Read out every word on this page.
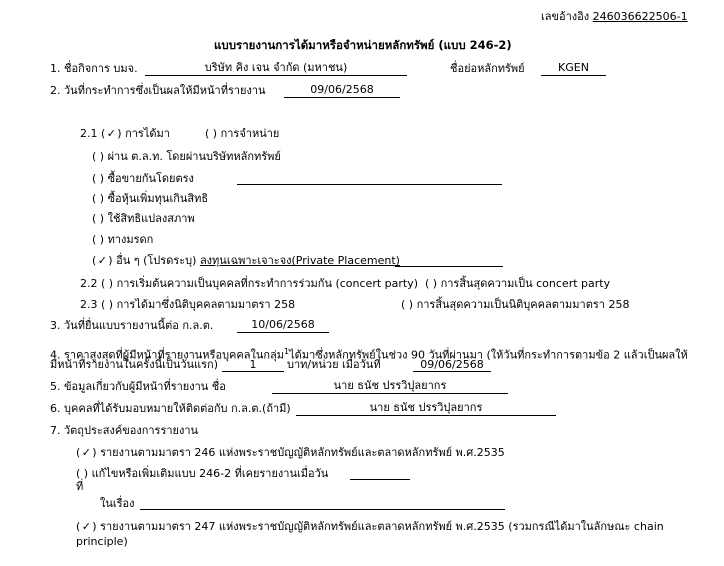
เลขอ้างอิง 246036622506-1
แบบรายงานการได้มาหรือจำหน่ายหลักทรัพย์ (แบบ 246-2)
1. ชื่อกิจการ บมจ.	บริษัท คิง เจน จำกัด (มหาชน)	ชื่อย่อหลักทรัพย์	KGEN
2. วันที่กระทำการซึ่งเป็นผลให้มีหน้าที่รายงาน	09/06/2568
2.1 (✓) การได้มา	( ) การจำหน่าย
( ) ผ่าน ต.ล.ท. โดยผ่านบริษัทหลักทรัพย์
( ) ซื้อขายกันโดยตรง
( ) ซื้อหุ้นเพิ่มทุนเกินสิทธิ
( ) ใช้สิทธิแปลงสภาพ
( ) ทางมรดก
(✓) อื่น ๆ (โปรดระบุ) ลงทุนเฉพาะเจาะจง(Private Placement)
2.2 ( ) การเริ่มต้นความเป็นบุคคลที่กระทำการร่วมกัน (concert party) ( ) การสิ้นสุดความเป็น concert party
2.3 ( ) การได้มาซึ่งนิติบุคคลตามมาตรา 258	( ) การสิ้นสุดความเป็นนิติบุคคลตามมาตรา 258
3. วันที่ยื่นแบบรายงานนี้ต่อ ก.ล.ต.	10/06/2568
4. ราคาสูงสุดที่ผู้มีหน้าที่รายงานหรือบุคคลในกลุ่ม$^1$ได้มาซึ่งหลักทรัพย์ในช่วง 90 วันที่ผ่านมา (ให้วันที่กระทำการตามข้อ 2 แล้วเป็นผลให้
มีหน้าที่รายงานในครั้งนี้เป็นวันแรก)	1	บาท/หน่วย เมื่อวันที่	09/06/2568
5. ข้อมูลเกี่ยวกับผู้มีหน้าที่รายงาน ชื่อ	นาย ธนัช ปรรวิปุลยากร
6. บุคคลที่ได้รับมอบหมายให้ติดต่อกับ ก.ล.ต.(ถ้ามี)	นาย ธนัช ปรรวิปุลยากร
7. วัตถุประสงค์ของการรายงาน
(✓) รายงานตามมาตรา 246 แห่งพระราชบัญญัติหลักทรัพย์และตลาดหลักทรัพย์ พ.ศ.2535
( ) แก้ไขหรือเพิ่มเติมแบบ 246-2 ที่เคยรายงานเมื่อวัน
ที่
ในเรื่อง
(✓) รายงานตามมาตรา 247 แห่งพระราชบัญญัติหลักทรัพย์และตลาดหลักทรัพย์ พ.ศ.2535 (รวมกรณีได้มาในลักษณะ chain
principle)
